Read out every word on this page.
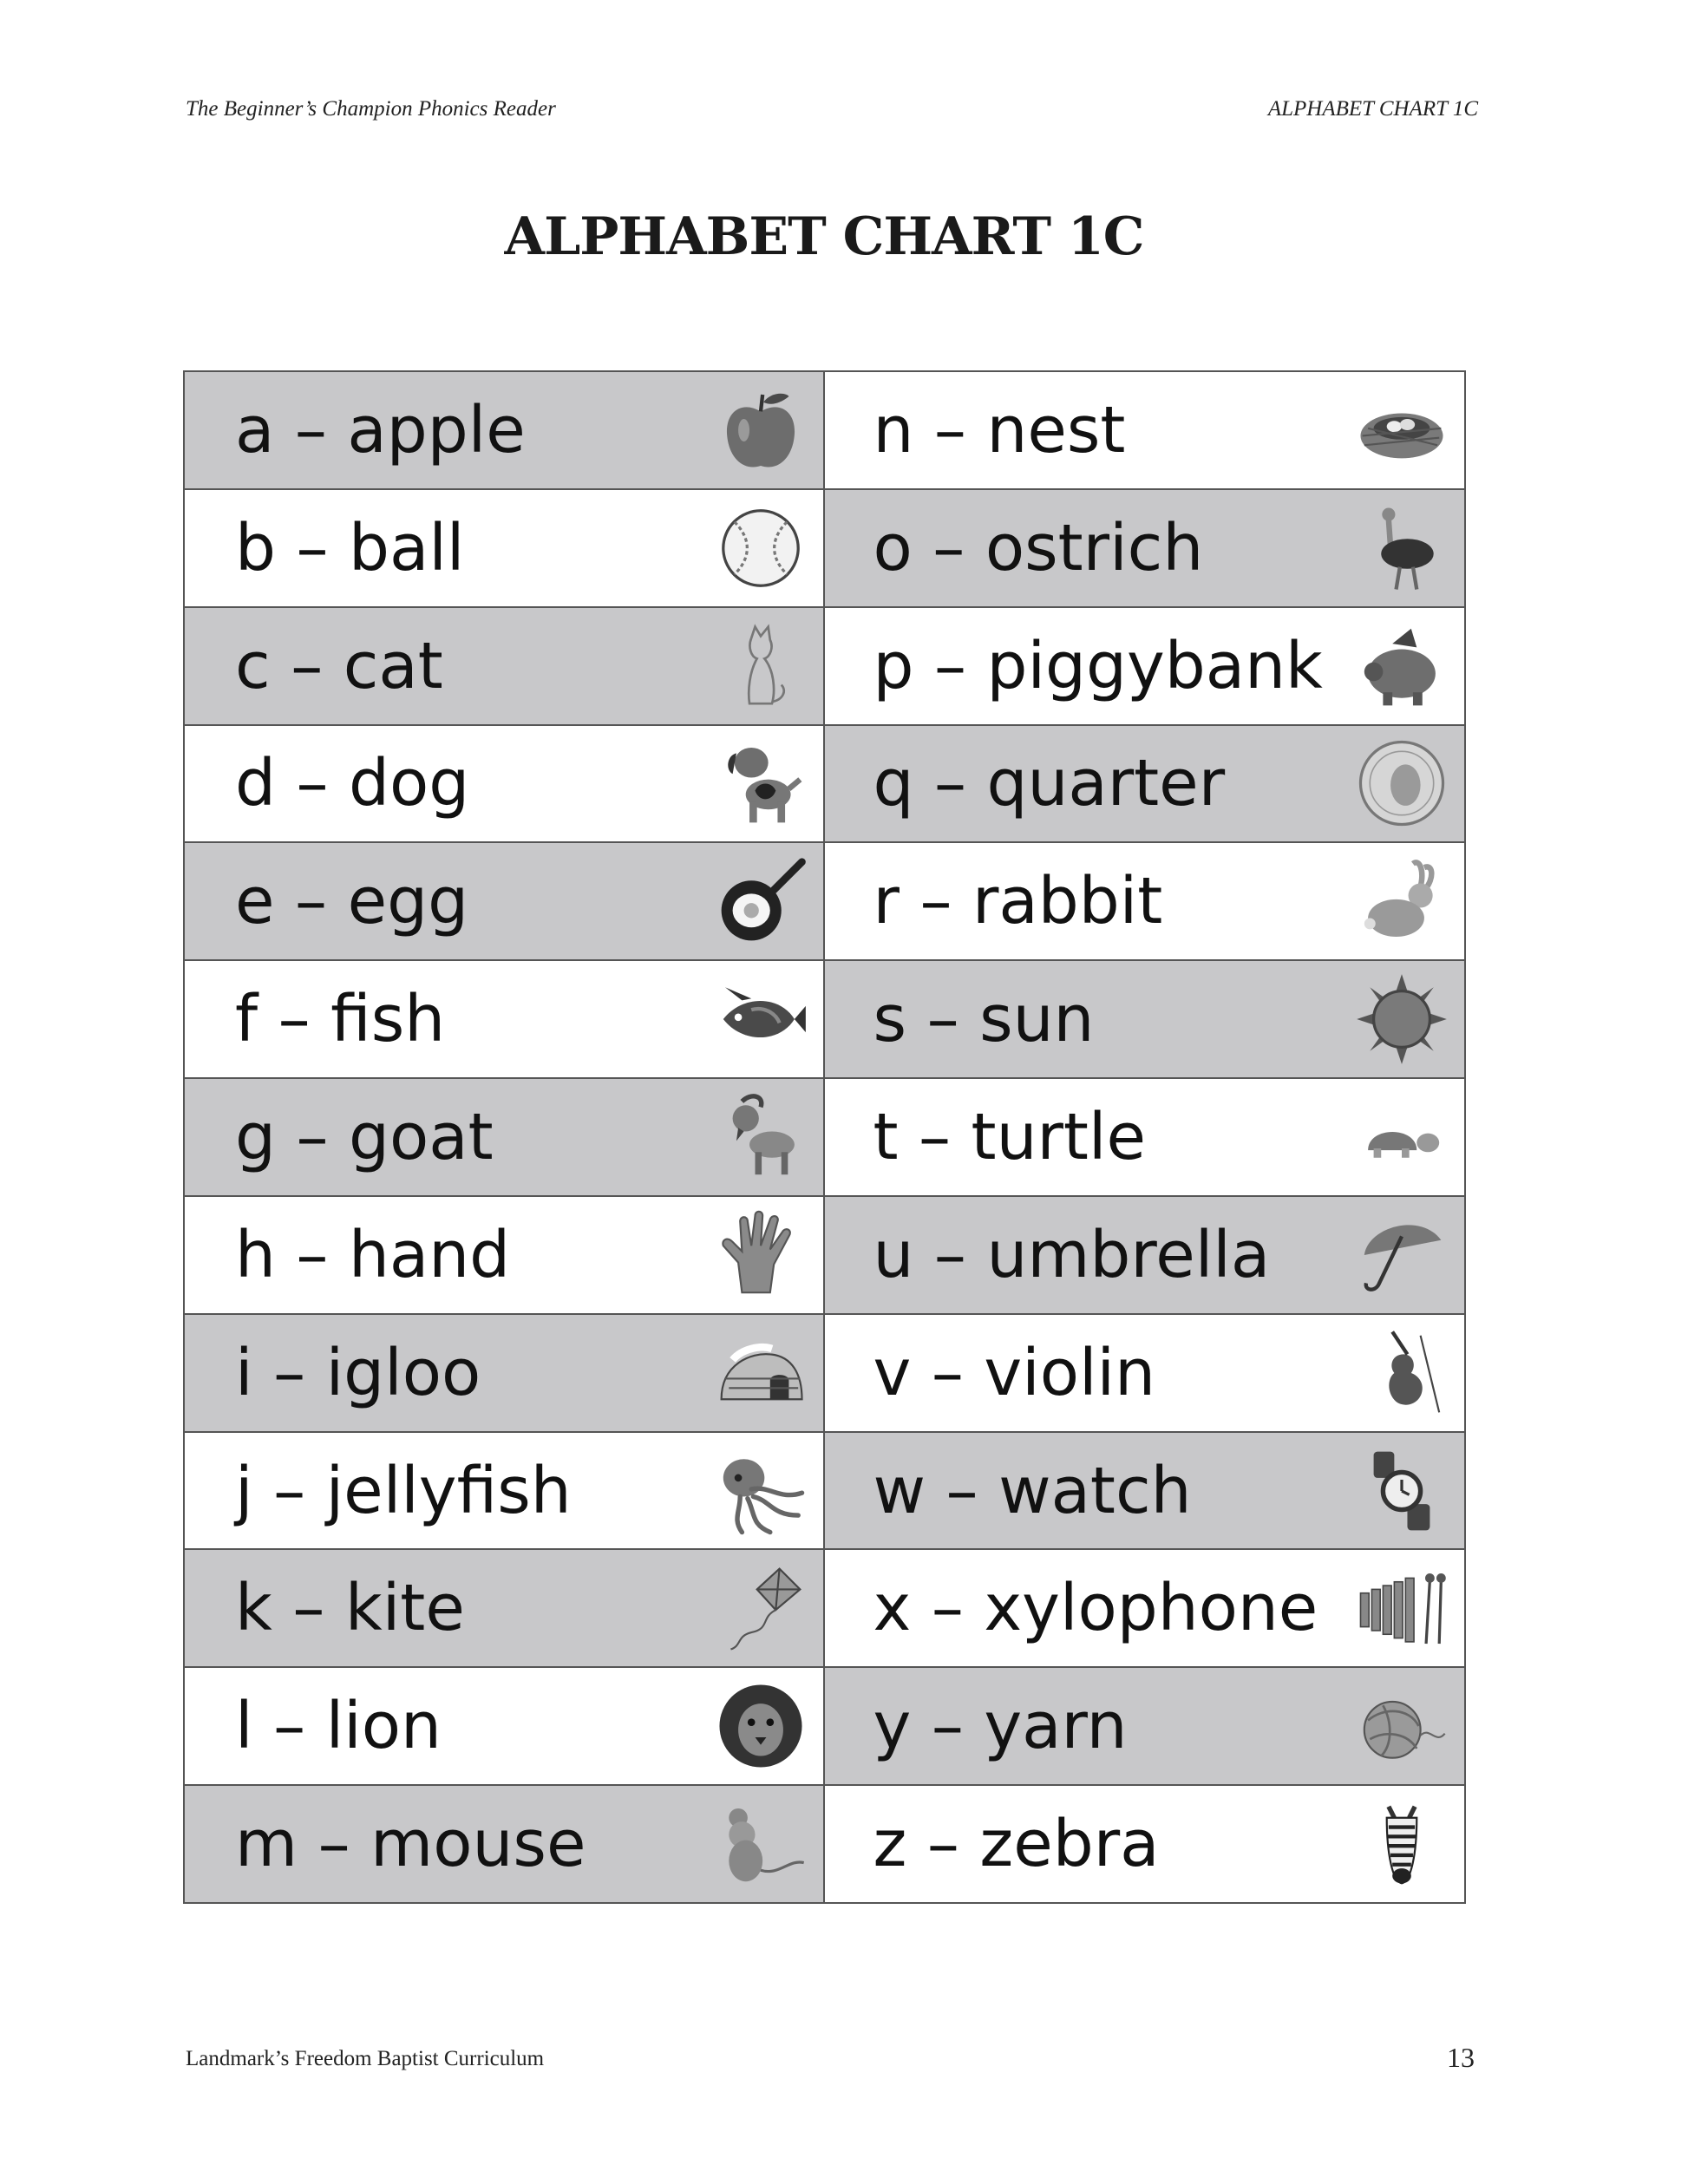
The Beginner’s Champion Phonics Reader	ALPHABET CHART 1C
ALPHABET CHART 1C
a – apple
b – ball
c – cat
d – dog
e – egg
f – fish
g – goat
h – hand
i – igloo
j – jellyfish
k – kite
l – lion
m – mouse
n – nest
o – ostrich
p – piggybank
q – quarter
r – rabbit
s – sun
t – turtle
u – umbrella
v – violin
w – watch
x – xylophone
y – yarn
z – zebra
Landmark’s Freedom Baptist Curriculum	13
